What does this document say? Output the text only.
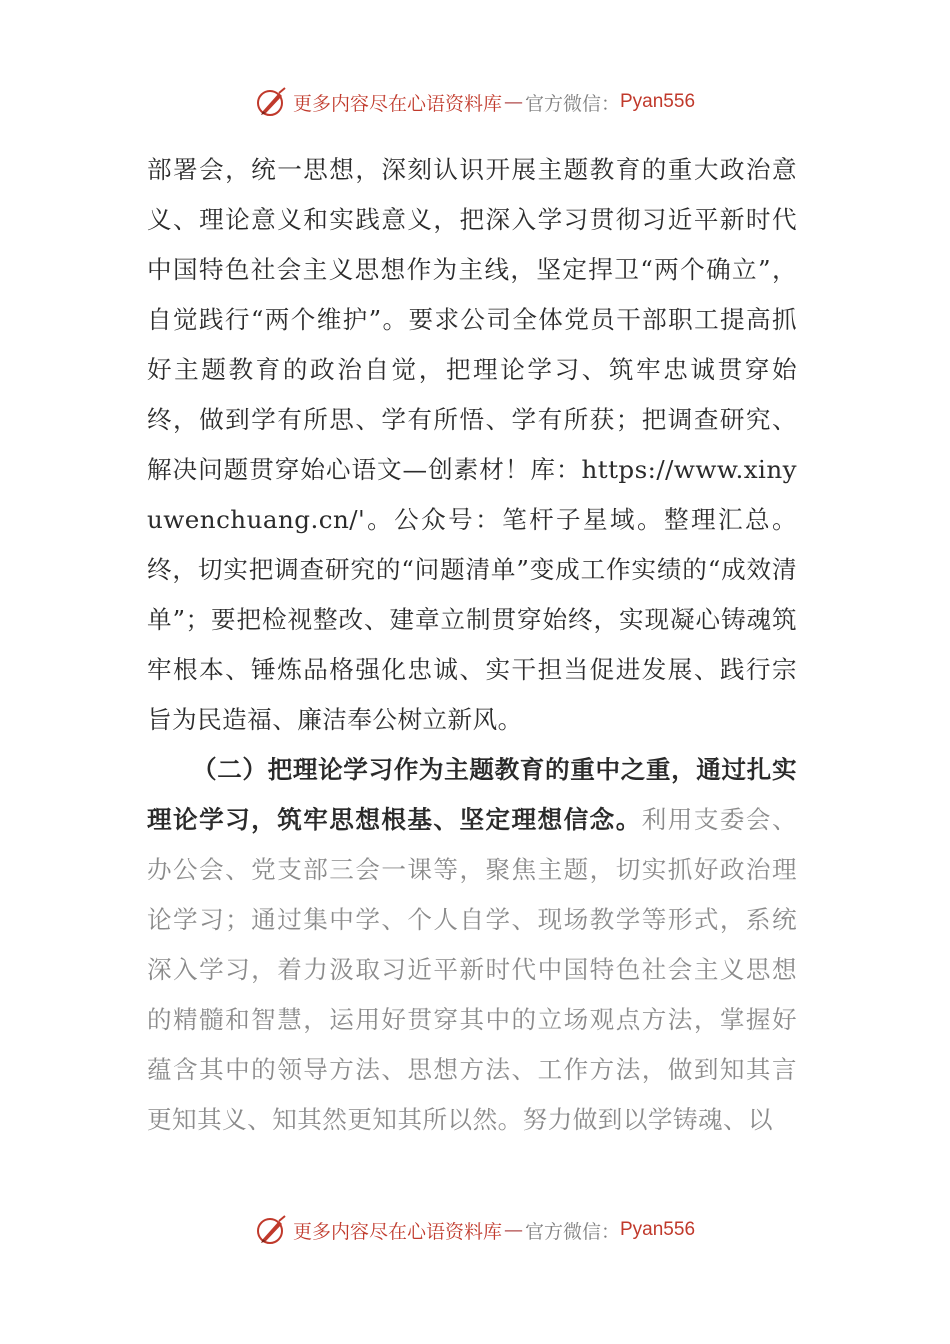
更多内容尽在心语资料库 — 官方微信： Pyan556

部署会，统一思想，深刻认识开展主题教育的重大政治意义、理论意义和实践意义，把深入学习贯彻习近平新时代中国特色社会主义思想作为主线，坚定捍卫“两个确立”，自觉践行“两个维护”。要求公司全体党员干部职工提高抓好主题教育的政治自觉，把理论学习、筑牢忠诚贯穿始终，做到学有所思、学有所悟、学有所获；把调查研究、解决问题贯穿始心语文—创素材！库：https://www.xinyuwenchuang.cn/'。公众号：笔杆子星域。整理汇总。终，切实把调查研究的“问题清单”变成工作实绩的“成效清单”；要把检视整改、建章立制贯穿始终，实现凝心铸魂筑牢根本、锤炼品格强化忠诚、实干担当促进发展、践行宗旨为民造福、廉洁奉公树立新风。

（二）把理论学习作为主题教育的重中之重，通过扎实理论学习，筑牢思想根基、坚定理想信念。利用支委会、办公会、党支部三会一课等，聚焦主题，切实抓好政治理论学习；通过集中学、个人自学、现场教学等形式，系统深入学习，着力汲取习近平新时代中国特色社会主义思想的精髓和智慧，运用好贯穿其中的立场观点方法，掌握好蕴含其中的领导方法、思想方法、工作方法，做到知其言更知其义、知其然更知其所以然。努力做到以学铸魂、以

更多内容尽在心语资料库 — 官方微信： Pyan556
